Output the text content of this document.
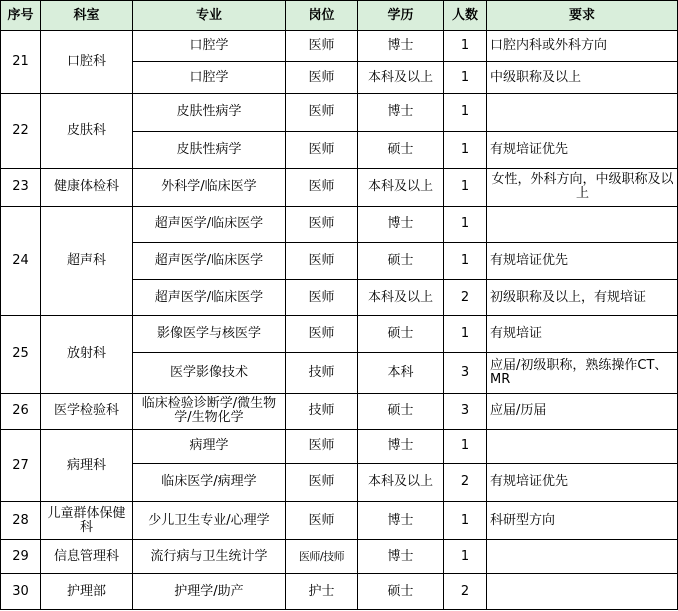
序号	科室	专业	岗位	学历	人数	要求
21	口腔科	口腔学	医师	博士	1	口腔内科或外科方向
		口腔学	医师	本科及以上	1	中级职称及以上
22	皮肤科	皮肤性病学	医师	博士	1	
		皮肤性病学	医师	硕士	1	有规培证优先
23	健康体检科	外科学/临床医学	医师	本科及以上	1	女性，外科方向，中级职称及以上
24	超声科	超声医学/临床医学	医师	博士	1	
		超声医学/临床医学	医师	硕士	1	有规培证优先
		超声医学/临床医学	医师	本科及以上	2	初级职称及以上，有规培证
25	放射科	影像医学与核医学	医师	硕士	1	有规培证
		医学影像技术	技师	本科	3	应届/初级职称，熟练操作CT、MR
26	医学检验科	临床检验诊断学/微生物学/生物化学	技师	硕士	3	应届/历届
27	病理科	病理学	医师	博士	1	
		临床医学/病理学	医师	本科及以上	2	有规培证优先
28	儿童群体保健科	少儿卫生专业/心理学	医师	博士	1	科研型方向
29	信息管理科	流行病与卫生统计学	医师/技师	博士	1	
30	护理部	护理学/助产	护士	硕士	2	
